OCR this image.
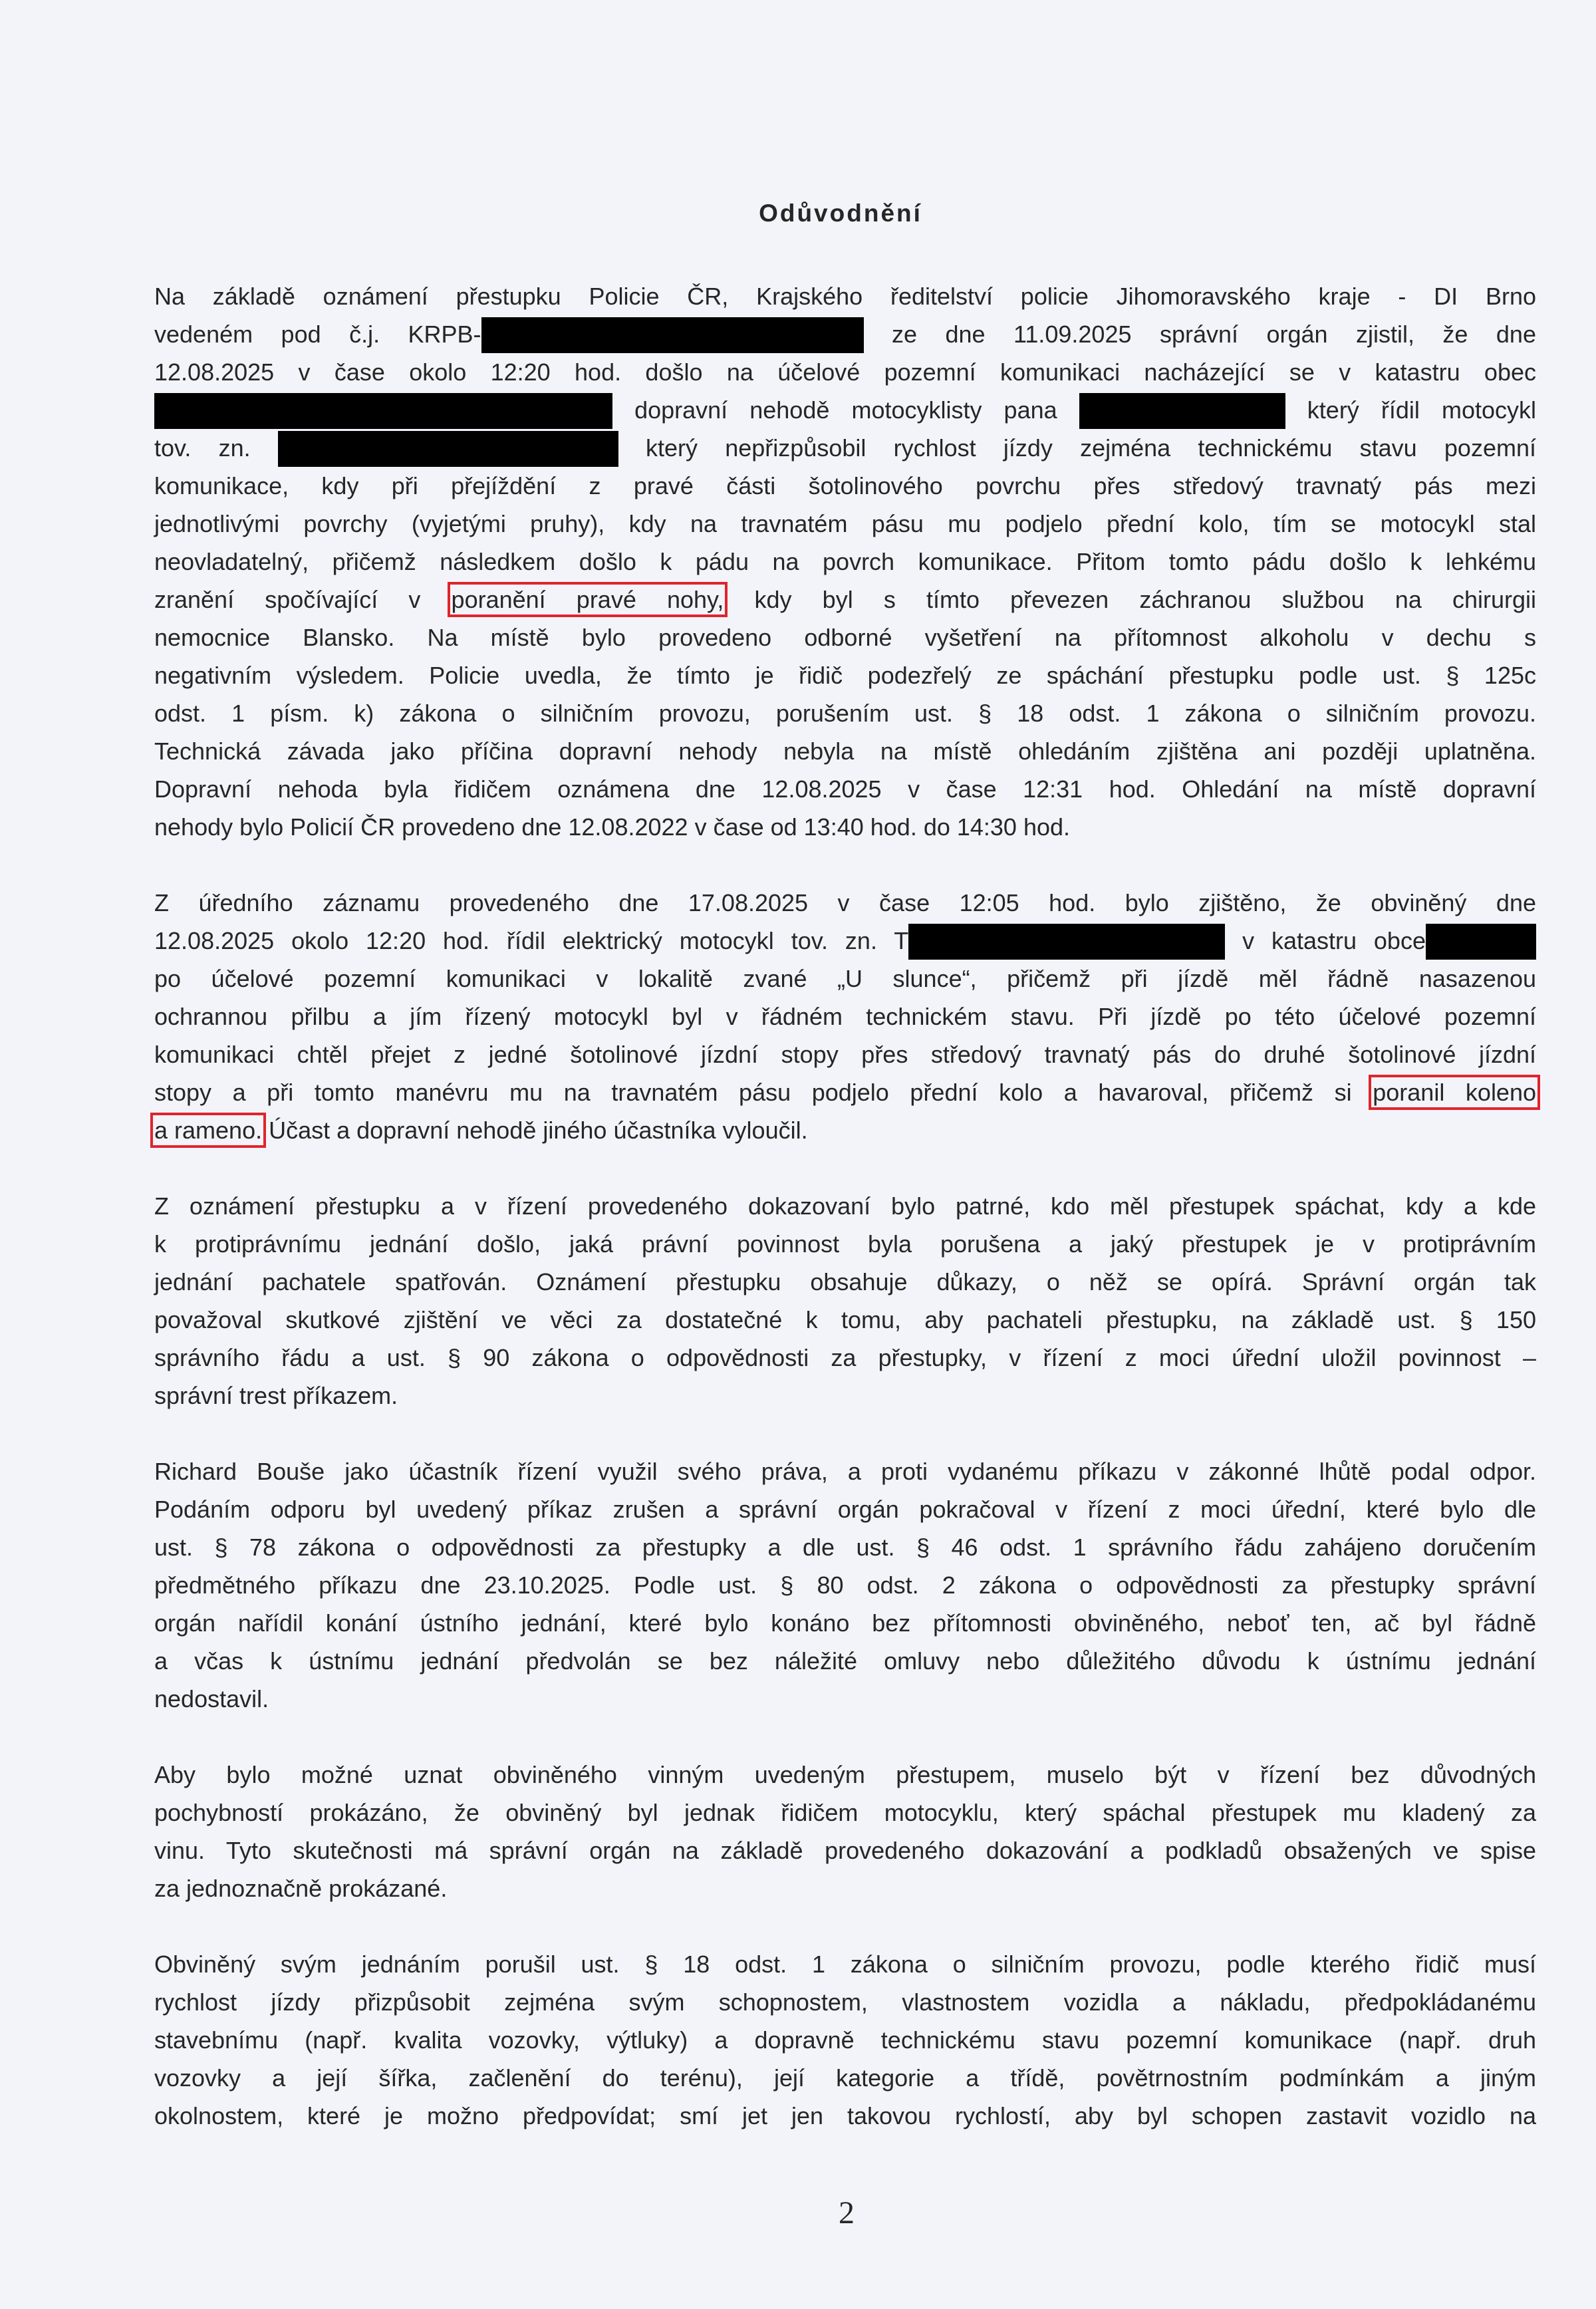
Odůvodnění
Na základě oznámení přestupku Policie ČR, Krajského ředitelství policie Jihomoravského kraje - DI Brno
vedeném pod č.j. KRPB-	ze dne 11.09.2025 správní orgán zjistil, že dne
12.08.2025 v čase okolo 12:20 hod. došlo na účelové pozemní komunikaci nacházející se v katastru obec
dopravní nehodě motocyklisty pana	který řídil motocykl
tov. zn.	který nepřizpůsobil rychlost jízdy zejména technickému stavu pozemní
komunikace, kdy při přejíždění z pravé části šotolinového povrchu přes středový travnatý pás mezi
jednotlivými povrchy (vyjetými pruhy), kdy na travnatém pásu mu podjelo přední kolo, tím se motocykl stal
neovladatelný, přičemž následkem došlo k pádu na povrch komunikace. Přitom tomto pádu došlo k lehkému
zranění spočívající v poranění pravé nohy, kdy byl s tímto převezen záchranou službou na chirurgii
nemocnice Blansko. Na místě bylo provedeno odborné vyšetření na přítomnost alkoholu v dechu s
negativním výsledem. Policie uvedla, že tímto je řidič podezřelý ze spáchání přestupku podle ust. § 125c
odst. 1 písm. k) zákona o silničním provozu, porušením ust. § 18 odst. 1 zákona o silničním provozu.
Technická závada jako příčina dopravní nehody nebyla na místě ohledáním zjištěna ani později uplatněna.
Dopravní nehoda byla řidičem oznámena dne 12.08.2025 v čase 12:31 hod. Ohledání na místě dopravní
nehody bylo Policií ČR provedeno dne 12.08.2022 v čase od 13:40 hod. do 14:30 hod.
Z úředního záznamu provedeného dne 17.08.2025 v čase 12:05 hod. bylo zjištěno, že obviněný dne
12.08.2025 okolo 12:20 hod. řídil elektrický motocykl tov. zn. T	v katastru obce
po účelové pozemní komunikaci v lokalitě zvané „U slunce“, přičemž při jízdě měl řádně nasazenou
ochrannou přilbu a jím řízený motocykl byl v řádném technickém stavu. Při jízdě po této účelové pozemní
komunikaci chtěl přejet z jedné šotolinové jízdní stopy přes středový travnatý pás do druhé šotolinové jízdní
stopy a při tomto manévru mu na travnatém pásu podjelo přední kolo a havaroval, přičemž si poranil koleno
a rameno. Účast a dopravní nehodě jiného účastníka vyloučil.
Z oznámení přestupku a v řízení provedeného dokazovaní bylo patrné, kdo měl přestupek spáchat, kdy a kde
k protiprávnímu jednání došlo, jaká právní povinnost byla porušena a jaký přestupek je v protiprávním
jednání pachatele spatřován. Oznámení přestupku obsahuje důkazy, o něž se opírá. Správní orgán tak
považoval skutkové zjištění ve věci za dostatečné k tomu, aby pachateli přestupku, na základě ust. § 150
správního řádu a ust. § 90 zákona o odpovědnosti za přestupky, v řízení z moci úřední uložil povinnost –
správní trest příkazem.
Richard Bouše jako účastník řízení využil svého práva, a proti vydanému příkazu v zákonné lhůtě podal odpor.
Podáním odporu byl uvedený příkaz zrušen a správní orgán pokračoval v řízení z moci úřední, které bylo dle
ust. § 78 zákona o odpovědnosti za přestupky a dle ust. § 46 odst. 1 správního řádu zahájeno doručením
předmětného příkazu dne 23.10.2025. Podle ust. § 80 odst. 2 zákona o odpovědnosti za přestupky správní
orgán nařídil konání ústního jednání, které bylo konáno bez přítomnosti obviněného, neboť ten, ač byl řádně
a včas k ústnímu jednání předvolán se bez náležité omluvy nebo důležitého důvodu k ústnímu jednání
nedostavil.
Aby bylo možné uznat obviněného vinným uvedeným přestupem, muselo být v řízení bez důvodných
pochybností prokázáno, že obviněný byl jednak řidičem motocyklu, který spáchal přestupek mu kladený za
vinu. Tyto skutečnosti má správní orgán na základě provedeného dokazování a podkladů obsažených ve spise
za jednoznačně prokázané.
Obviněný svým jednáním porušil ust. § 18 odst. 1 zákona o silničním provozu, podle kterého řidič musí
rychlost jízdy přizpůsobit zejména svým schopnostem, vlastnostem vozidla a nákladu, předpokládanému
stavebnímu (např. kvalita vozovky, výtluky) a dopravně technickému stavu pozemní komunikace (např. druh
vozovky a její šířka, začlenění do terénu), její kategorie a třídě, povětrnostním podmínkám a jiným
okolnostem, které je možno předpovídat; smí jet jen takovou rychlostí, aby byl schopen zastavit vozidlo na
2
